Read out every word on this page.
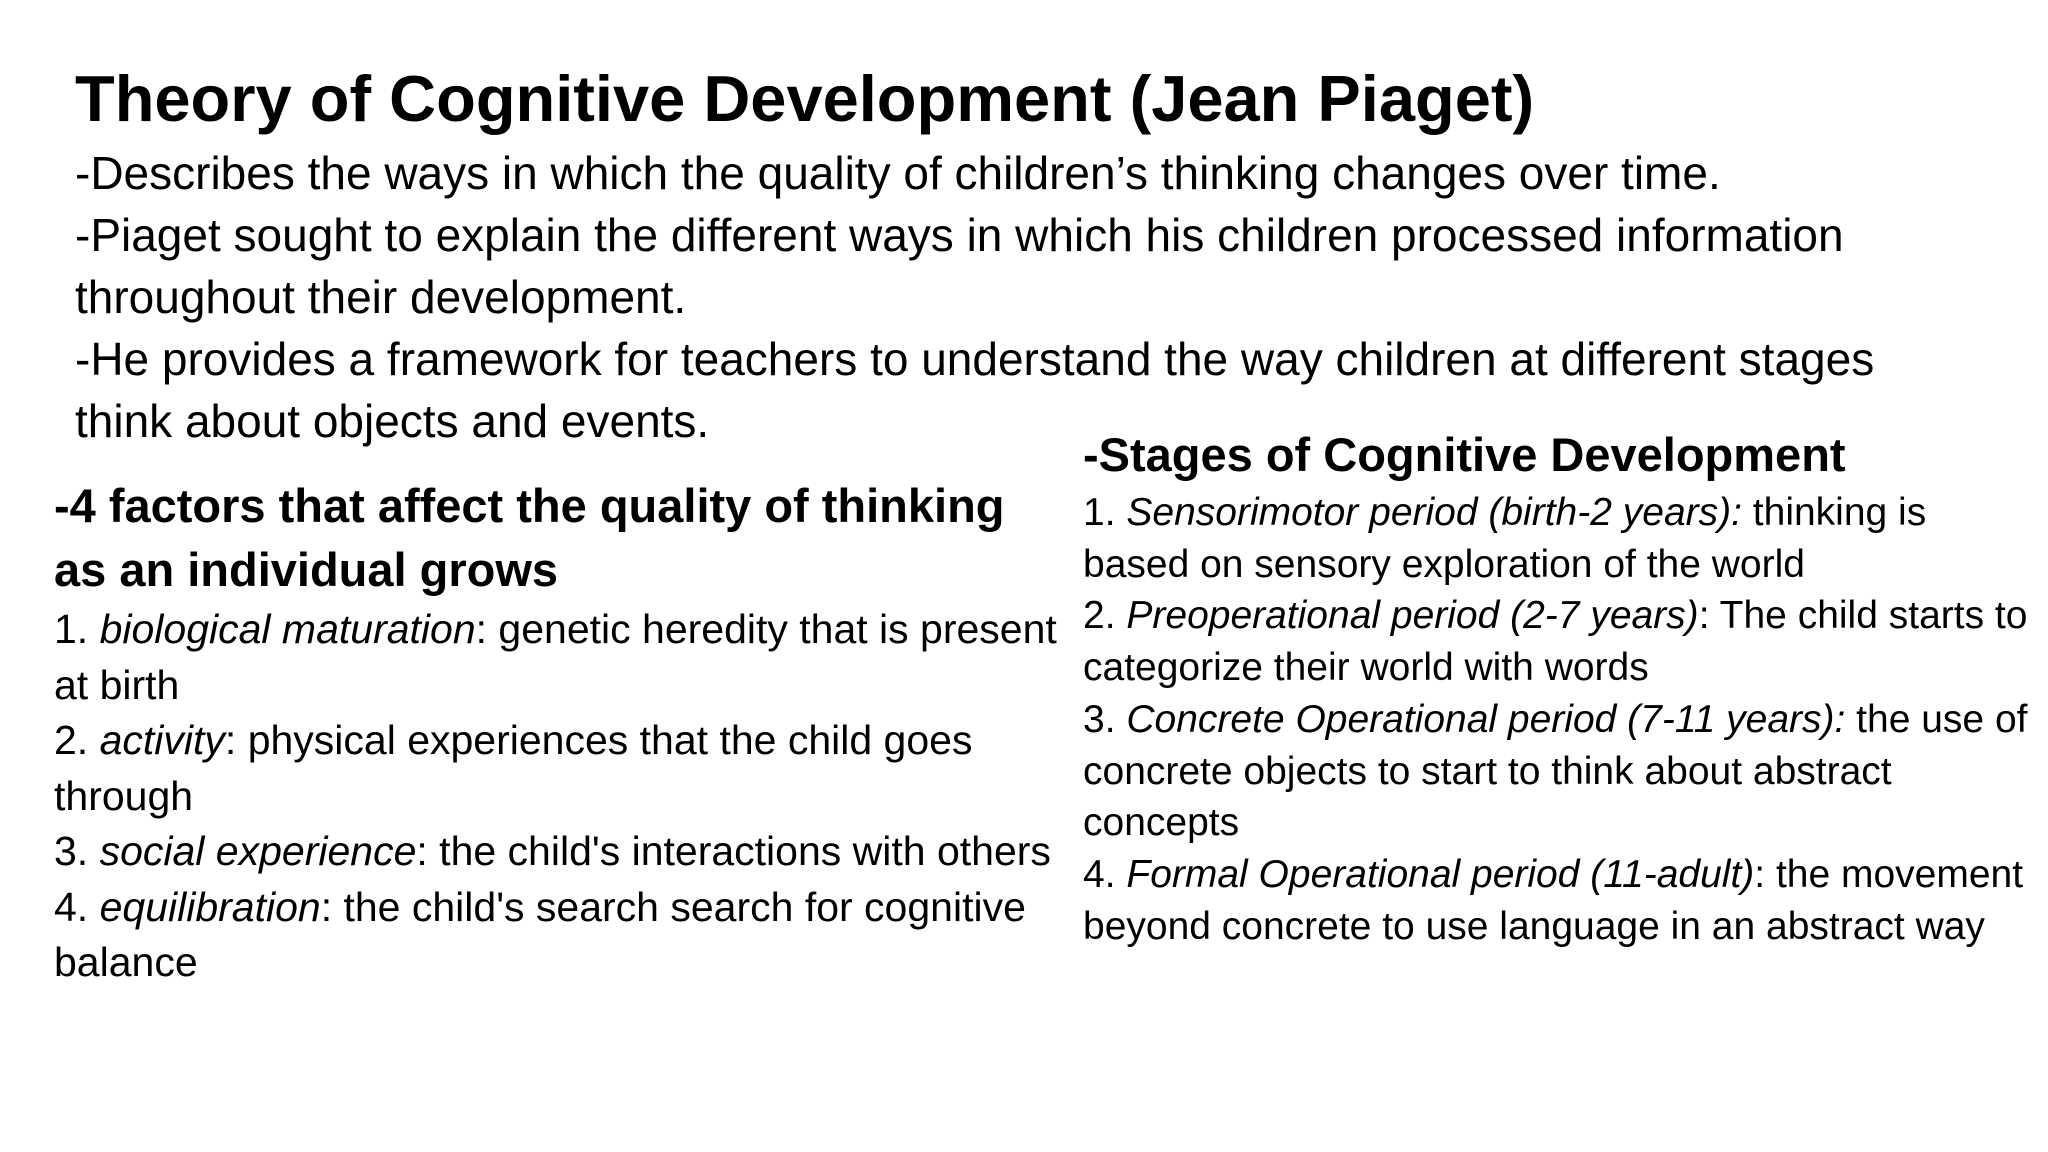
Theory of Cognitive Development (Jean Piaget)

-Describes the ways in which the quality of children’s thinking changes over time.

-Piaget sought to explain the different ways in which his children processed information throughout their development.

-He provides a framework for teachers to understand the way children at different stages think about objects and events.

-4 factors that affect the quality of thinking as an individual grows

1. biological maturation: genetic heredity that is present at birth

2. activity: physical experiences that the child goes through

3. social experience: the child's interactions with others

4. equilibration: the child's search search for cognitive balance

-Stages of Cognitive Development

1. Sensorimotor period (birth-2 years): thinking is based on sensory exploration of the world

2. Preoperational period (2-7 years): The child starts to categorize their world with words

3. Concrete Operational period (7-11 years): the use of concrete objects to start to think about abstract concepts

4. Formal Operational period (11-adult): the movement beyond concrete to use language in an abstract way
